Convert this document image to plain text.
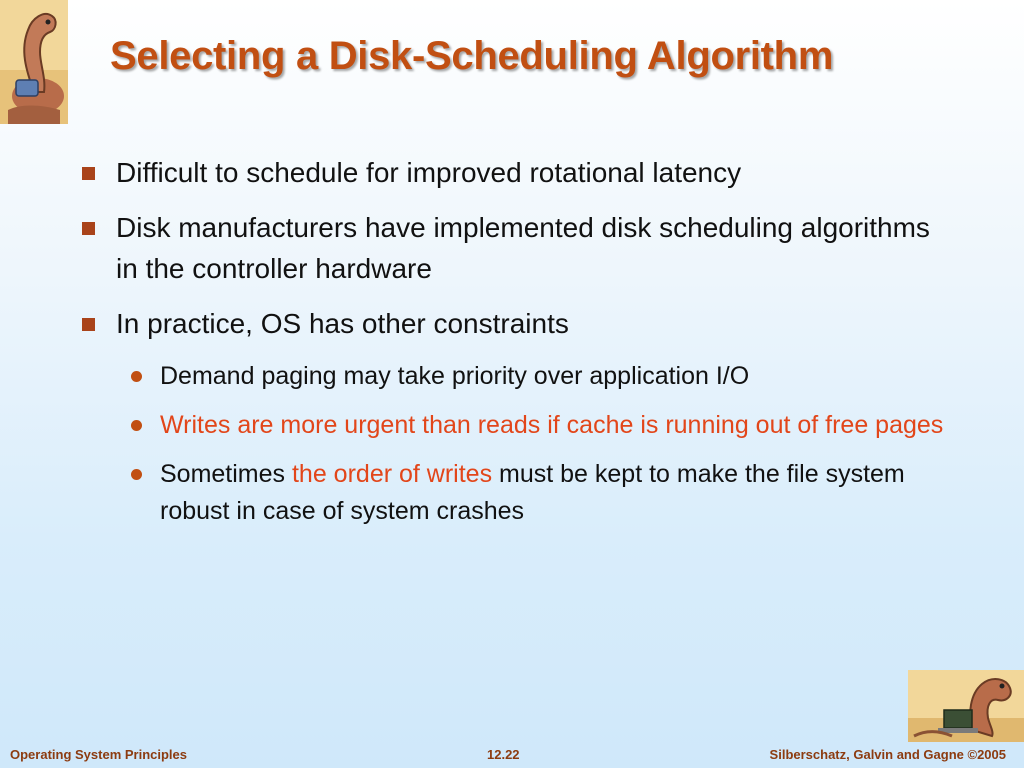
Selecting a Disk-Scheduling Algorithm
Difficult to schedule for improved rotational latency
Disk manufacturers have implemented disk scheduling algorithms in the controller hardware
In practice, OS has other constraints
Demand paging may take priority over application I/O
Writes are more urgent than reads if cache is running out of free pages
Sometimes the order of writes must be kept to make the file system robust in case of system crashes
Operating System Principles	12.22	Silberschatz, Galvin and Gagne ©2005
